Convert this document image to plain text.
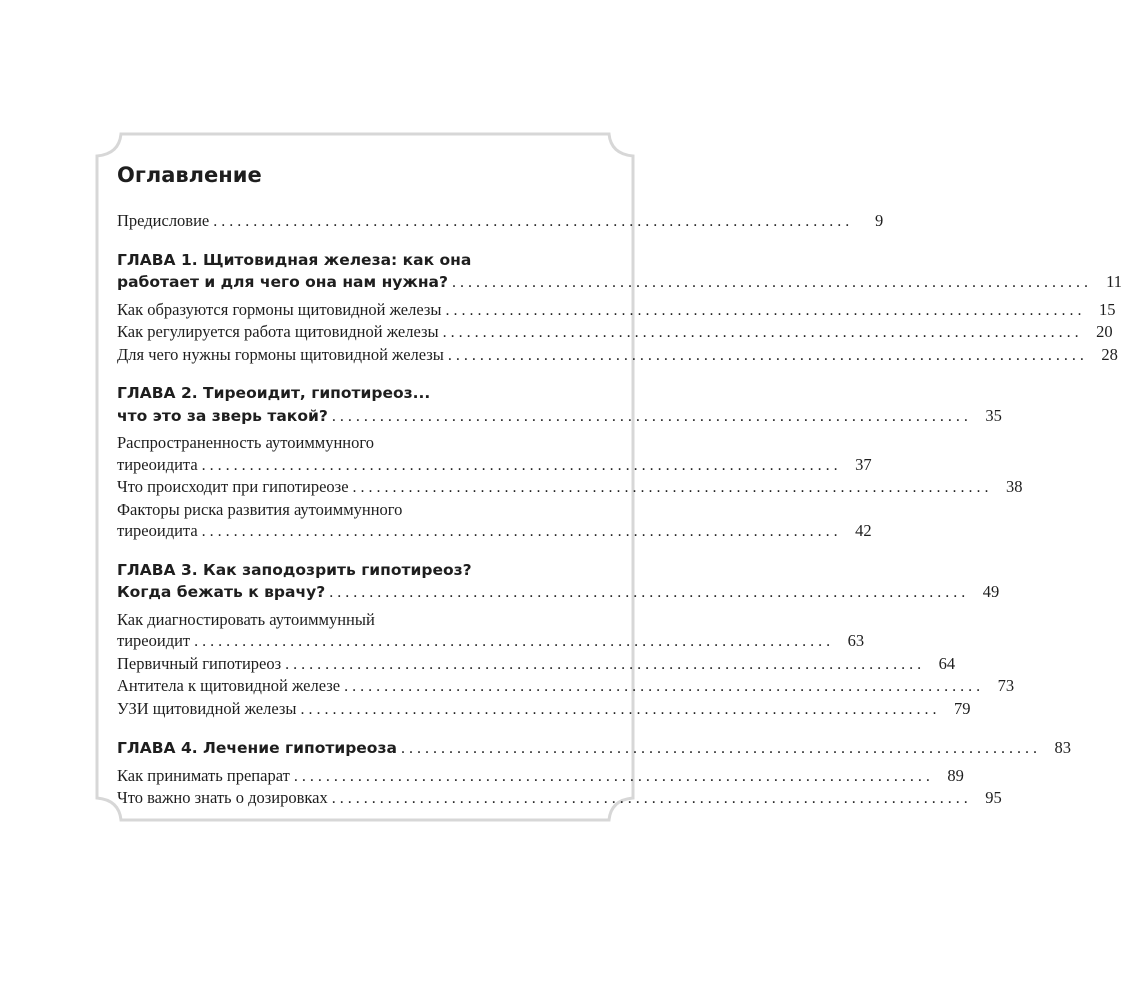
Оглавление
Предисловие ................................................................................	9
ГЛАВА 1. Щитовидная железа: как она
работает и для чего она нам нужна? ................................................................................ 11
Как образуются гормоны щитовидной железы ................................................................................ 15
Как регулируется работа щитовидной железы ................................................................................ 20
Для чего нужны гормоны щитовидной железы ................................................................................ 28
ГЛАВА 2. Тиреоидит, гипотиреоз...
что это за зверь такой? ................................................................................ 35
Распространенность аутоиммунного
тиреоидита ................................................................................ 37
Что происходит при гипотиреозе ................................................................................ 38
Факторы риска развития аутоиммунного
тиреоидита ................................................................................ 42
ГЛАВА 3. Как заподозрить гипотиреоз?
Когда бежать к врачу? ................................................................................ 49
Как диагностировать аутоиммунный
тиреоидит ................................................................................ 63
Первичный гипотиреоз ................................................................................ 64
Антитела к щитовидной железе ................................................................................ 73
УЗИ щитовидной железы ................................................................................ 79
ГЛАВА 4. Лечение гипотиреоза ................................................................................ 83
Как принимать препарат ................................................................................ 89
Что важно знать о дозировках ................................................................................ 95
